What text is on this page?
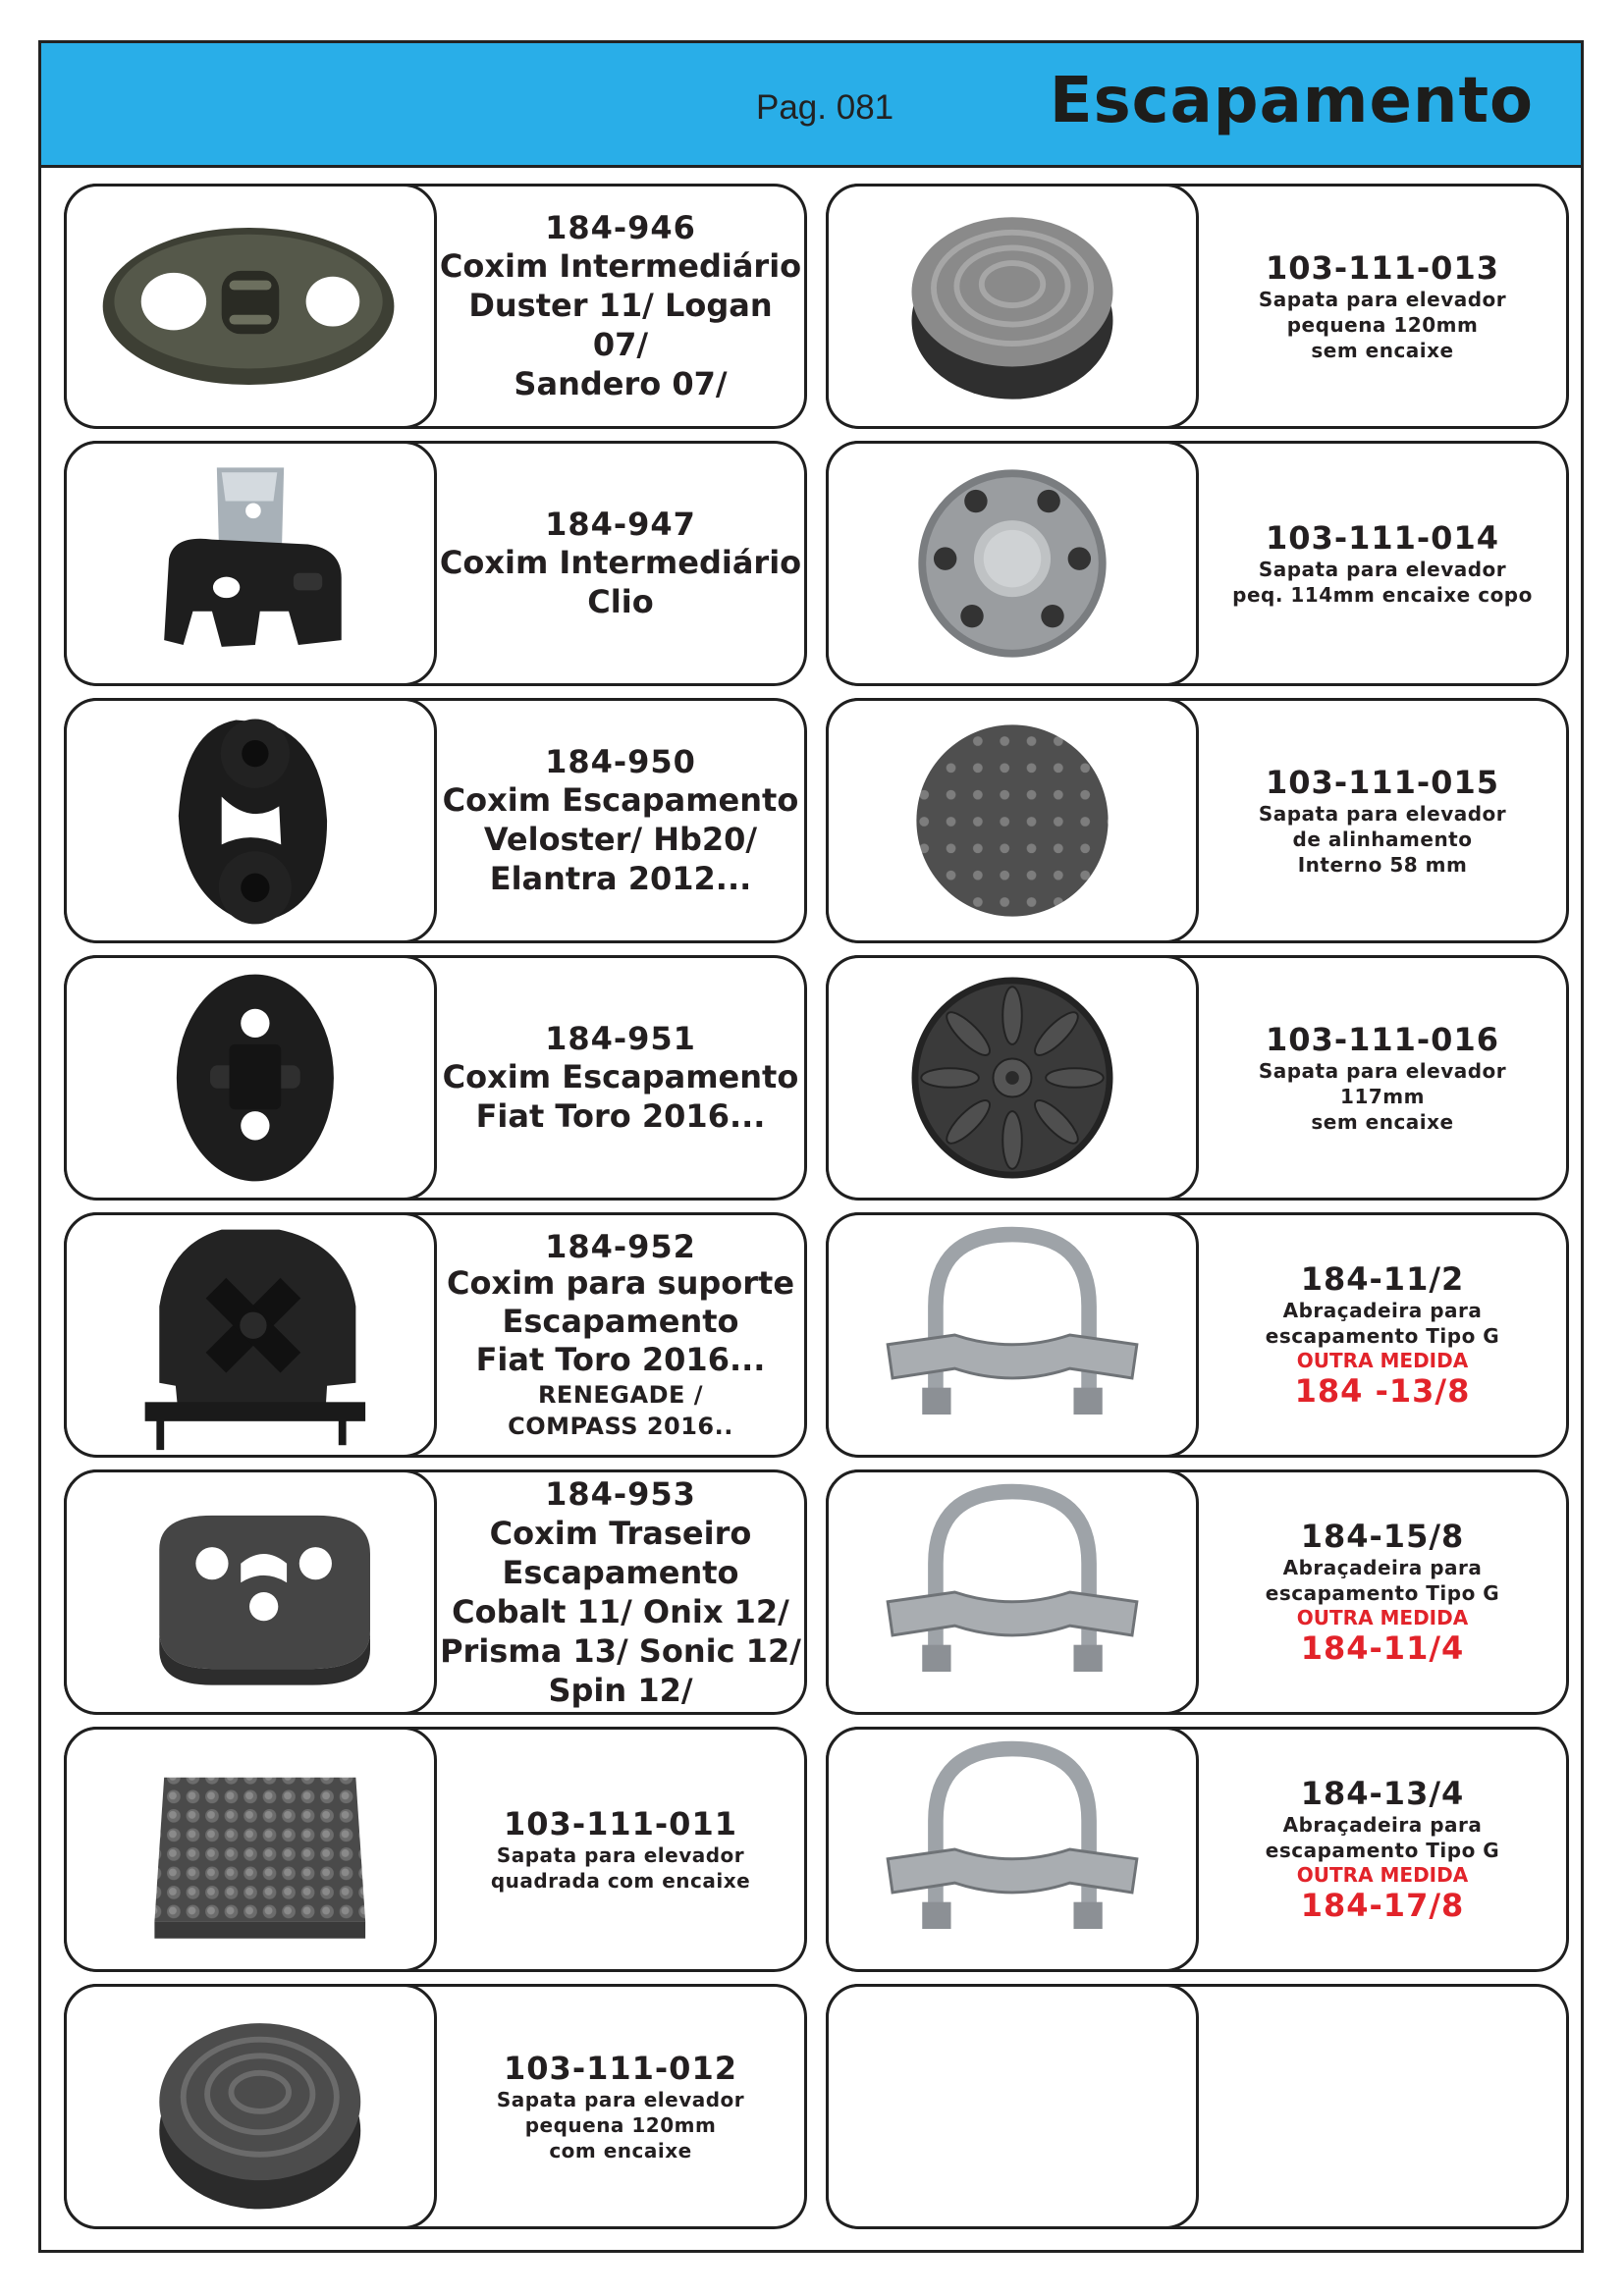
Pag. 081 Escapamento
184-946
Coxim Intermediário
Duster 11/ Logan 07/
Sandero 07/
184-947
Coxim Intermediário
Clio
184-950
Coxim Escapamento
Veloster/ Hb20/
Elantra 2012...
184-951
Coxim Escapamento
Fiat Toro 2016...
184-952
Coxim para suporte
Escapamento
Fiat Toro 2016...
RENEGADE /
COMPASS 2016..
184-953
Coxim Traseiro
Escapamento
Cobalt 11/ Onix 12/
Prisma 13/ Sonic 12/
Spin 12/
103-111-011
Sapata para elevador
quadrada com encaixe
103-111-012
Sapata para elevador
pequena 120mm
com encaixe
103-111-013
Sapata para elevador
pequena 120mm
sem encaixe
103-111-014
Sapata para elevador
peq. 114mm encaixe copo
103-111-015
Sapata para elevador
de alinhamento
Interno 58 mm
103-111-016
Sapata para elevador
117mm
sem encaixe
184-11/2
Abraçadeira para
escapamento Tipo G
OUTRA MEDIDA
184 -13/8
184-15/8
Abraçadeira para
escapamento Tipo G
OUTRA MEDIDA
184-11/4
184-13/4
Abraçadeira para
escapamento Tipo G
OUTRA MEDIDA
184-17/8
